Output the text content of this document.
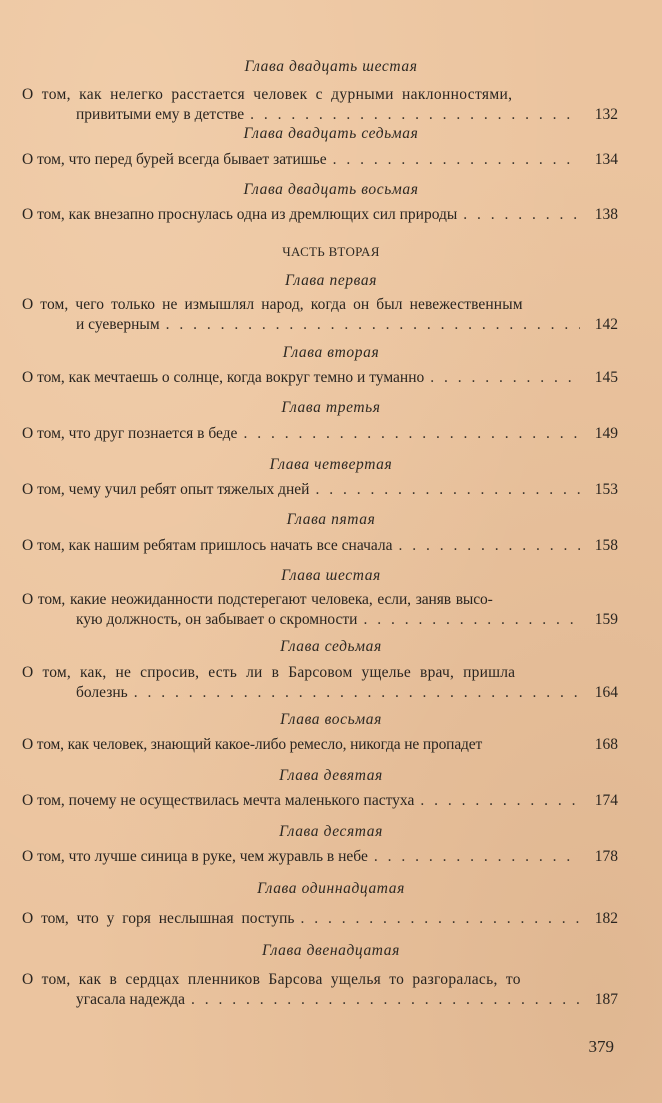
Глава двадцать шестая
О том, как нелегко расстается человек с дурными наклонностями,
привитыми ему в детстве . . .	132
Глава двадцать седьмая
О том, что перед бурей всегда бывает затишье . . .	134
Глава двадцать восьмая
О том, как внезапно проснулась одна из дремлющих сил природы . . .	138
ЧАСТЬ ВТОРАЯ
Глава первая
О том, чего только не измышлял народ, когда он был невежественным
и суеверным . . .	142
Глава вторая
О том, как мечтаешь о солнце, когда вокруг темно и туманно . . .	145
Глава третья
О том, что друг познается в беде . . .	149
Глава четвертая
О том, чему учил ребят опыт тяжелых дней . . .	153
Глава пятая
О том, как нашим ребятам пришлось начать все сначала . . .	158
Глава шестая
О том, какие неожиданности подстерегают человека, если, заняв высо-
кую должность, он забывает о скромности . . .	159
Глава седьмая
О том, как, не спросив, есть ли в Барсовом ущелье врач, пришла
болезнь . . .	164
Глава восьмая
О том, как человек, знающий какое-либо ремесло, никогда не пропадет	168
Глава девятая
О том, почему не осуществилась мечта маленького пастуха . . .	174
Глава десятая
О том, что лучше синица в руке, чем журавль в небе . . .	178
Глава одиннадцатая
О том, что у горя неслышная поступь . . .	182
Глава двенадцатая
О том, как в сердцах пленников Барсова ущелья то разгоралась, то
угасала надежда . . .	187
379
